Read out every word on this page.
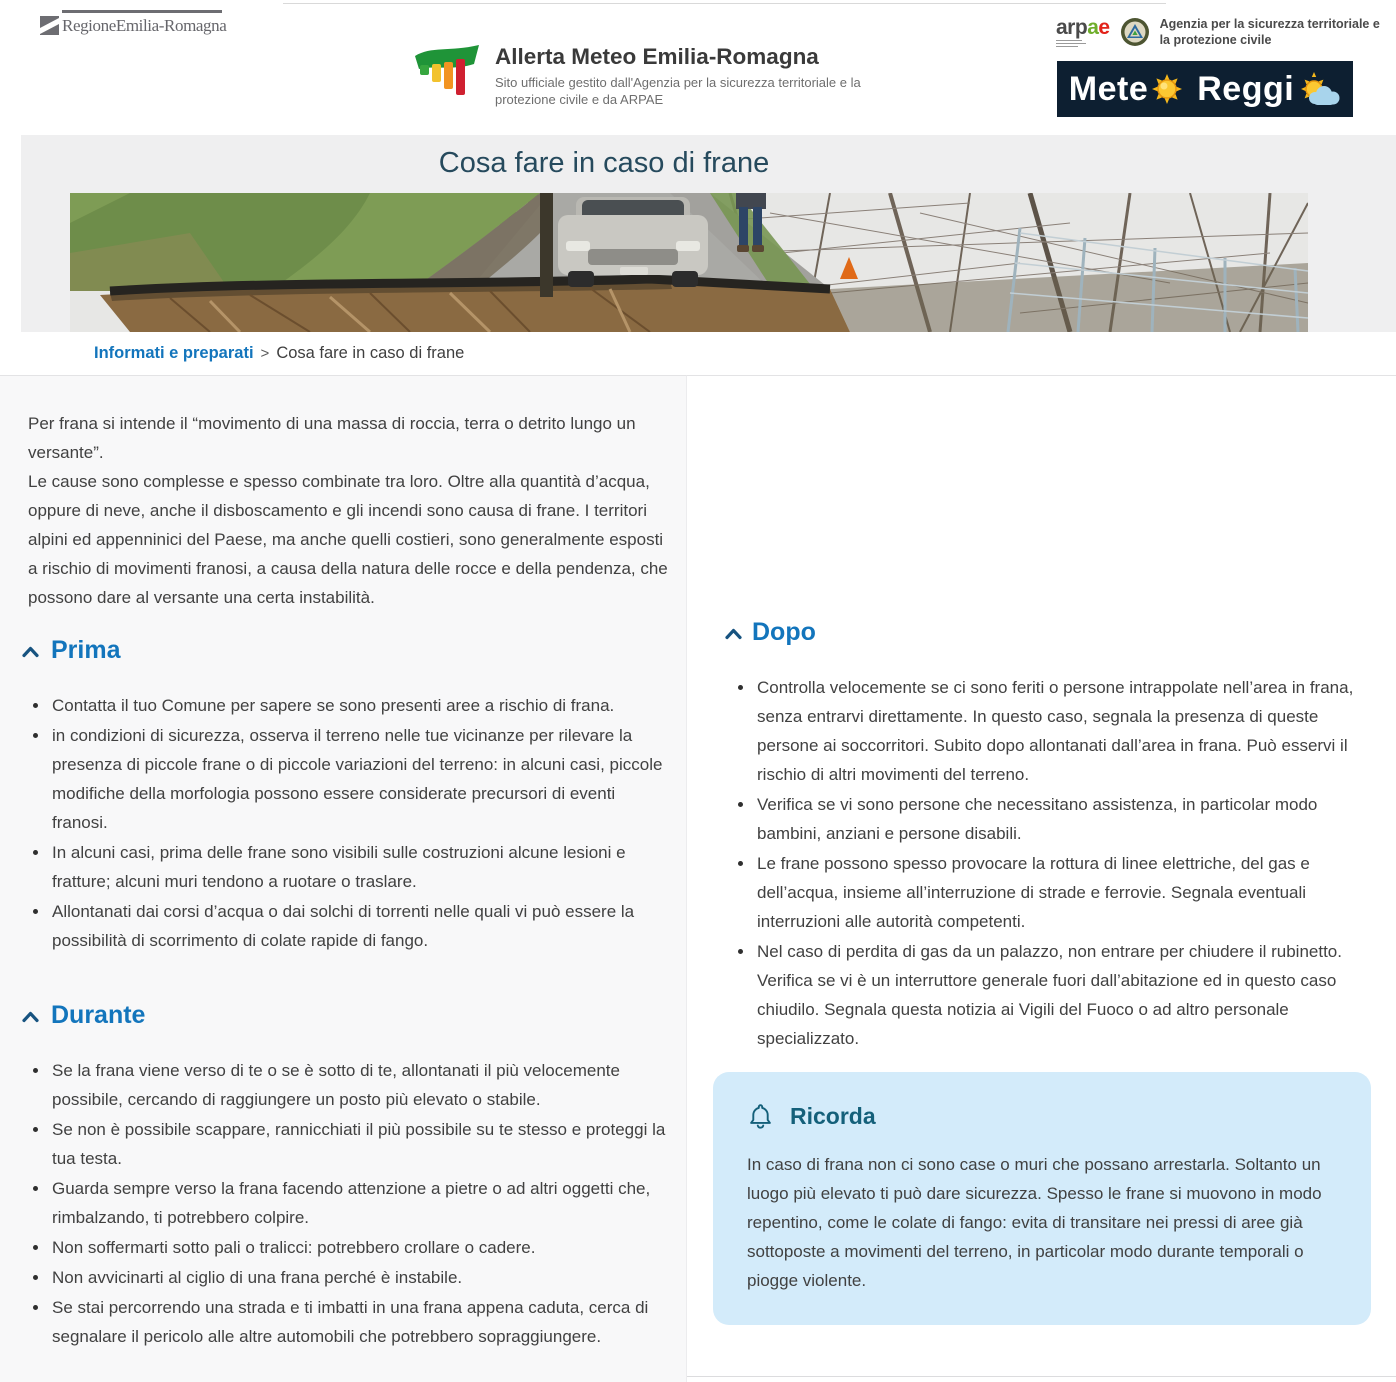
RegioneEmilia-Romagna
Allerta Meteo Emilia-Romagna
Sito ufficiale gestito dall'Agenzia per la sicurezza territoriale e la protezione civile e da ARPAE
arpae	Agenzia per la sicurezza territoriale e la protezione civile
Mete Reggi
Cosa fare in caso di frane
Informati e preparati > Cosa fare in caso di frane

Per frana si intende il “movimento di una massa di roccia, terra o detrito lungo un versante”.

Le cause sono complesse e spesso combinate tra loro. Oltre alla quantità d’acqua, oppure di neve, anche il disboscamento e gli incendi sono causa di frane. I territori alpini ed appenninici del Paese, ma anche quelli costieri, sono generalmente esposti a rischio di movimenti franosi, a causa della natura delle rocce e della pendenza, che possono dare al versante una certa instabilità.

Prima
• Contatta il tuo Comune per sapere se sono presenti aree a rischio di frana.
• in condizioni di sicurezza, osserva il terreno nelle tue vicinanze per rilevare la presenza di piccole frane o di piccole variazioni del terreno: in alcuni casi, piccole modifiche della morfologia possono essere considerate precursori di eventi franosi.
• In alcuni casi, prima delle frane sono visibili sulle costruzioni alcune lesioni e fratture; alcuni muri tendono a ruotare o traslare.
• Allontanati dai corsi d’acqua o dai solchi di torrenti nelle quali vi può essere la possibilità di scorrimento di colate rapide di fango.
Durante
• Se la frana viene verso di te o se è sotto di te, allontanati il più velocemente possibile, cercando di raggiungere un posto più elevato o stabile.
• Se non è possibile scappare, rannicchiati il più possibile su te stesso e proteggi la tua testa.
• Guarda sempre verso la frana facendo attenzione a pietre o ad altri oggetti che, rimbalzando, ti potrebbero colpire.
• Non soffermarti sotto pali o tralicci: potrebbero crollare o cadere.
• Non avvicinarti al ciglio di una frana perché è instabile.
• Se stai percorrendo una strada e ti imbatti in una frana appena caduta, cerca di segnalare il pericolo alle altre automobili che potrebbero sopraggiungere.
Dopo
• Controlla velocemente se ci sono feriti o persone intrappolate nell’area in frana, senza entrarvi direttamente. In questo caso, segnala la presenza di queste persone ai soccorritori. Subito dopo allontanati dall’area in frana. Può esservi il rischio di altri movimenti del terreno.
• Verifica se vi sono persone che necessitano assistenza, in particolar modo bambini, anziani e persone disabili.
• Le frane possono spesso provocare la rottura di linee elettriche, del gas e dell’acqua, insieme all’interruzione di strade e ferrovie. Segnala eventuali interruzioni alle autorità competenti.
• Nel caso di perdita di gas da un palazzo, non entrare per chiudere il rubinetto. Verifica se vi è un interruttore generale fuori dall’abitazione ed in questo caso chiudilo. Segnala questa notizia ai Vigili del Fuoco o ad altro personale specializzato.
Ricorda

In caso di frana non ci sono case o muri che possano arrestarla. Soltanto un luogo più elevato ti può dare sicurezza. Spesso le frane si muovono in modo repentino, come le colate di fango: evita di transitare nei pressi di aree già sottoposte a movimenti del terreno, in particolar modo durante temporali o piogge violente.
